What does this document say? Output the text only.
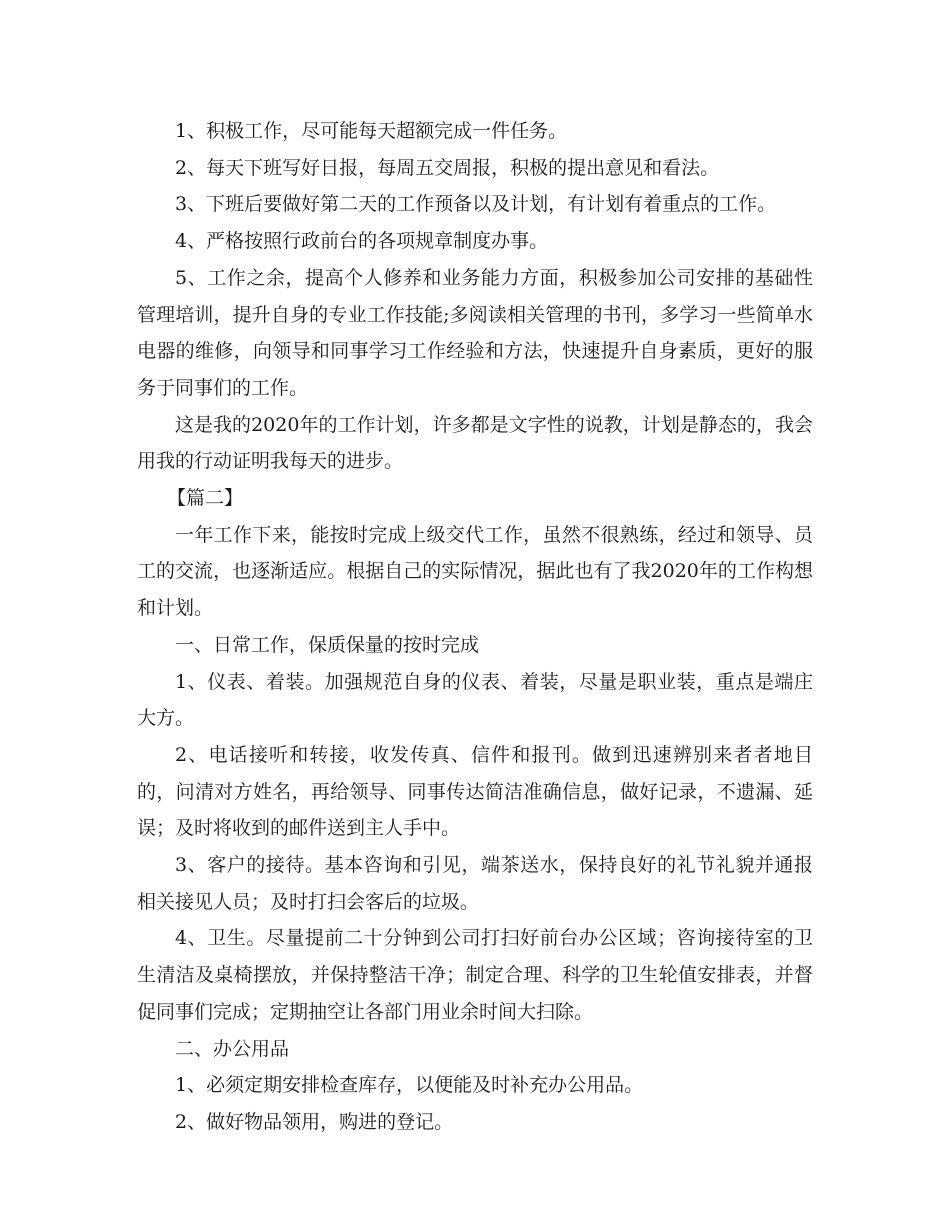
1、积极工作，尽可能每天超额完成一件任务。

2、每天下班写好日报，每周五交周报，积极的提出意见和看法。

3、下班后要做好第二天的工作预备以及计划，有计划有着重点的工作。

4、严格按照行政前台的各项规章制度办事。

5、工作之余，提高个人修养和业务能力方面，积极参加公司安排的基础性管理培训，提升自身的专业工作技能;多阅读相关管理的书刊，多学习一些简单水电器的维修，向领导和同事学习工作经验和方法，快速提升自身素质，更好的服务于同事们的工作。

这是我的2020年的工作计划，许多都是文字性的说教，计划是静态的，我会用我的行动证明我每天的进步。

【篇二】

一年工作下来，能按时完成上级交代工作，虽然不很熟练，经过和领导、员工的交流，也逐渐适应。根据自己的实际情况，据此也有了我2020年的工作构想和计划。

一、日常工作，保质保量的按时完成

1、仪表、着装。加强规范自身的仪表、着装，尽量是职业装，重点是端庄大方。

2、电话接听和转接，收发传真、信件和报刊。做到迅速辨别来者者地目的，问清对方姓名，再给领导、同事传达简洁准确信息，做好记录，不遗漏、延误；及时将收到的邮件送到主人手中。

3、客户的接待。基本咨询和引见，端茶送水，保持良好的礼节礼貌并通报相关接见人员；及时打扫会客后的垃圾。

4、卫生。尽量提前二十分钟到公司打扫好前台办公区域；咨询接待室的卫生清洁及桌椅摆放，并保持整洁干净；制定合理、科学的卫生轮值安排表，并督促同事们完成；定期抽空让各部门用业余时间大扫除。

二、办公用品

1、必须定期安排检查库存，以便能及时补充办公用品。

2、做好物品领用，购进的登记。
